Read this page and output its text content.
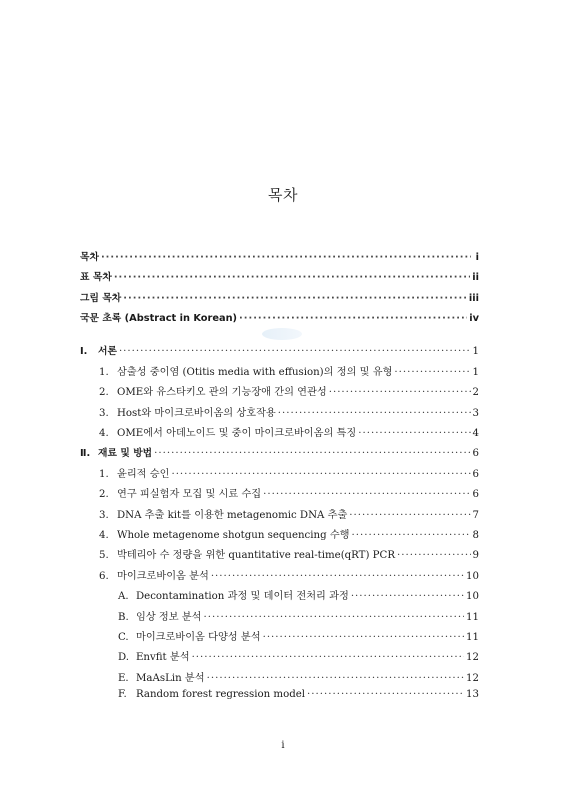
목차
목차 ·····	i
표 목차 ·····	ii
그림 목차 ·····	iii
국문 초록 (Abstract in Korean) ·····	iv
Ⅰ.	서론 ·····	1
1. 삼출성 중이염 (Otitis media with effusion)의 정의 및 유형 ·····	1
2. OME와 유스타키오 관의 기능장애 간의 연관성 ·····	2
3. Host와 마이크로바이옴의 상호작용 ·····	3
4. OME에서 아데노이드 및 중이 마이크로바이옴의 특징 ·····	4
Ⅱ. 재료 및 방법 ·····	6
1. 윤리적 승인 ·····	6
2. 연구 피실험자 모집 및 시료 수집 ·····	6
3. DNA 추출 kit를 이용한 metagenomic DNA 추출 ·····	7
4. Whole metagenome shotgun sequencing 수행 ·····	8
5. 박테리아 수 정량을 위한 quantitative real-time(qRT) PCR ·····	9
6. 마이크로바이옴 분석 ·····	10
A. Decontamination 과정 및 데이터 전처리 과정 ·····	10
B. 임상 정보 분석 ·····	11
C. 마이크로바이옴 다양성 분석 ·····	11
D. Envfit 분석 ·····	12
E. MaAsLin 분석 ·····	12
F. Random forest regression model ·····	13
i
